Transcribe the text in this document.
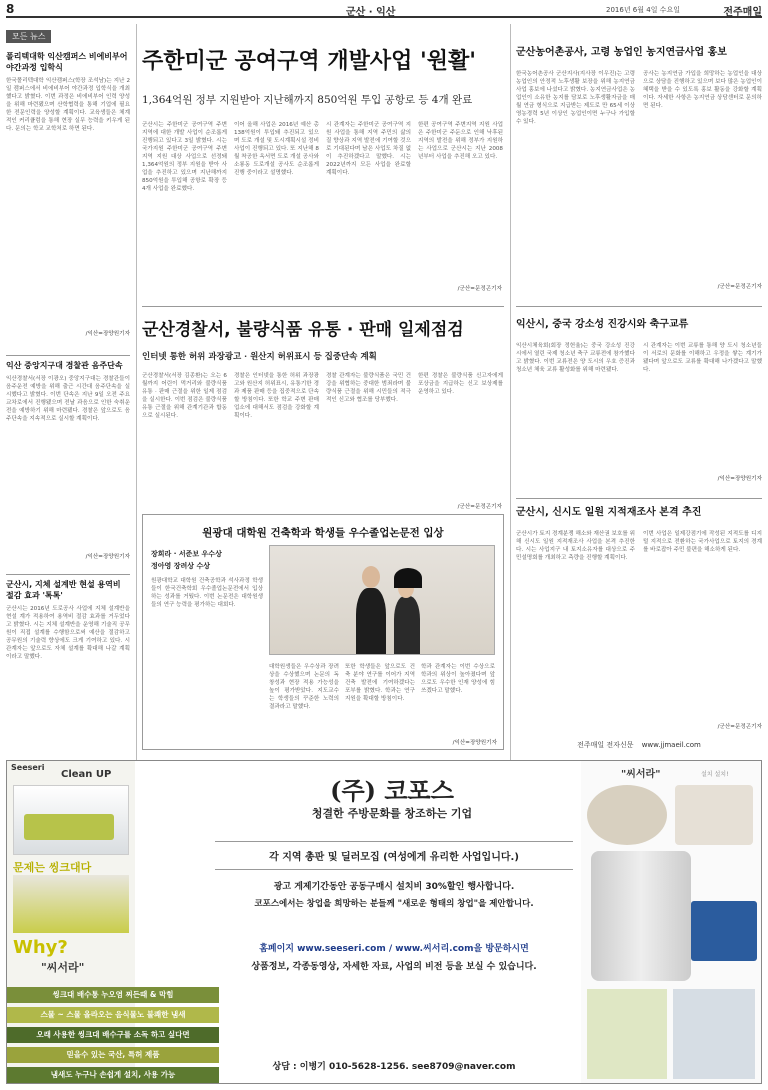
8	군산 · 익산	2016년 6월 4일 수요일	전주매일
모든 뉴스
폴리텍대학 익산캠퍼스 비에비부어 야간과정 입학식
한국폴리텍대학 익산캠퍼스(학장 조석남)는 지난 2일 캠퍼스에서 비에비부어 야간과정 입학식을 개최했다고 밝혔다. 이번 과정은 비에비부어 인력 양성을 위해 마련됐으며 산학협력을 통해 기업에 필요한 전문인력을 양성할 계획이다. 교육생들은 체계적인 커리큘럼을 통해 현장 실무 능력을 키우게 된다. 문의는 학교 교학처로 하면 된다.
/익산=장양원기자
익산 중앙지구대 경찰관 음주단속
익산경찰서(서장 이광오) 중앙지구대는 경찰관들이 음주운전 예방을 위해 출근 시간대 음주단속을 실시했다고 밝혔다. 이번 단속은 지난 9일 오전 주요 교차로에서 진행됐으며 전날 과음으로 인한 숙취운전을 예방하기 위해 마련됐다. 경찰은 앞으로도 음주단속을 지속적으로 실시할 계획이다.
/익산=장양원기자
군산시, 지체 설계반 현설 용역비 절감 효과 '톡톡'
군산시는 2016년 도로공사 사업에 지체 설계반을 현설 계가 적용하여 용역비 절감 효과를 거두었다고 밝혔다. 시는 지체 설계반을 운영해 기술직 공무원이 직접 설계를 수행함으로써 예산을 절감하고 공무원의 기술력 향상에도 크게 기여하고 있다. 시 관계자는 앞으로도 자체 설계를 확대해 나갈 계획이라고 말했다.
주한미군 공여구역 개발사업 '원활'
1,364억원 정부 지원받아 지난해까지 850억원 투입 공항로 등 4개 완료
군산시는 주한미군 공여구역 주변지역에 대한 개발 사업이 순조롭게 진행되고 있다고 3일 밝혔다. 시는 국가지원 주한미군 공여구역 주변지역 지원 대상 사업으로 선정돼 1,364억원의 정부 지원을 받아 사업을 추진하고 있으며 지난해까지 850억원을 투입해 공항로 확장 등 4개 사업을 완료했다.
이어 올해 사업은 2016년 예산 총 138억원이 투입돼 추진되고 있으며 도로 개설 및 도시계획시설 정비 사업이 진행되고 있다. 또 지난해 8월 착공한 옥서면 도로 개설 공사와 소룡동 도로개설 공사도 순조롭게 진행 중이라고 설명했다.
시 관계자는 주한미군 공여구역 지원 사업을 통해 지역 주민의 삶의 질 향상과 지역 발전에 기여할 것으로 기대된다며 남은 사업도 차질 없이 추진하겠다고 말했다. 시는 2022년까지 모든 사업을 완료할 계획이다.
한편 공여구역 주변지역 지원 사업은 주한미군 주둔으로 인해 낙후된 지역의 발전을 위해 정부가 지원하는 사업으로 군산시는 지난 2008년부터 사업을 추진해 오고 있다.
/군산=문정곤기자
군산농어촌공사, 고령 농업인 농지연금사업 홍보
한국농어촌공사 군산지사(지사장 이우진)는 고령 농업인의 안정적 노후생활 보장을 위해 농지연금사업 홍보에 나섰다고 밝혔다. 농지연금사업은 농업인이 소유한 농지를 담보로 노후생활자금을 매월 연금 형식으로 지급받는 제도로 만 65세 이상 영농경력 5년 이상인 농업인이면 누구나 가입할 수 있다.
공사는 농지연금 가입을 희망하는 농업인을 대상으로 상담을 진행하고 있으며 보다 많은 농업인이 혜택을 받을 수 있도록 홍보 활동을 강화할 계획이다. 자세한 사항은 농지연금 상담센터로 문의하면 된다.
/군산=문정곤기자
군산경찰서, 불량식품 유통 · 판매 일제점검
인터넷 통한 허위 과장광고 · 원산지 허위표시 등 집중단속 계획
군산경찰서(서장 김종환)는 오는 6월까지 어린이 먹거리와 불량식품 유통 · 판매 근절을 위한 일제 점검을 실시한다. 이번 점검은 불량식품 유통 근절을 위해 관계기관과 합동으로 실시된다.
경찰은 인터넷을 통한 허위 과장광고와 원산지 허위표시, 유통기한 경과 제품 판매 등을 집중적으로 단속할 방침이다. 또한 학교 주변 판매업소에 대해서도 점검을 강화할 계획이다.
경찰 관계자는 불량식품은 국민 건강을 위협하는 중대한 범죄라며 불량식품 근절을 위해 시민들의 적극적인 신고와 협조를 당부했다.
한편 경찰은 불량식품 신고자에게 포상금을 지급하는 신고 보상제를 운영하고 있다.
/군산=문정곤기자
익산시, 중국 강소성 진강시와 축구교류
익산시체육회(회장 정헌율)는 중국 강소성 진강시에서 열린 국제 청소년 축구 교류전에 참가했다고 밝혔다. 이번 교류전은 양 도시의 우호 증진과 청소년 체육 교류 활성화를 위해 마련됐다.
시 관계자는 이번 교류를 통해 양 도시 청소년들이 서로의 문화를 이해하고 우정을 쌓는 계기가 됐다며 앞으로도 교류를 확대해 나가겠다고 말했다.
/익산=장양원기자
군산시, 신시도 일원 지적재조사 본격 추진
군산시가 토지 경계분쟁 해소와 재산권 보호를 위해 신시도 일원 지적재조사 사업을 본격 추진한다. 시는 사업지구 내 토지소유자를 대상으로 주민설명회를 개최하고 측량을 진행할 계획이다.
이번 사업은 일제강점기에 작성된 지적도를 디지털 지적으로 전환하는 국가사업으로 토지의 경계를 바로잡아 주민 불편을 해소하게 된다.
/군산=문정곤기자
원광대 대학원 건축학과 학생들 우수졸업논문전 입상
장희라 · 서준보 우수상
정아영 장려상 수상
원광대학교 대학원 건축공학과 석사과정 학생들이 한국건축학회 우수졸업논문전에서 입상하는 성과를 거뒀다. 이번 논문전은 대학원생들의 연구 능력을 평가하는 대회다.
대학원생들은 우수상과 장려상을 수상했으며 논문의 독창성과 현장 적용 가능성을 높이 평가받았다. 지도교수는 학생들의 꾸준한 노력의 결과라고 말했다.
또한 학생들은 앞으로도 건축 분야 연구를 이어가 지역 건축 발전에 기여하겠다는 포부를 밝혔다. 학과는 연구 지원을 확대할 방침이다.
학과 관계자는 이번 수상으로 학과의 위상이 높아졌다며 앞으로도 우수한 인재 양성에 힘쓰겠다고 말했다.
/익산=장양원기자	전주매일 전자신문 www.jjmaeil.com
Seeseri
Clean UP
문제는 씽크대다
Why?
"씨서라"
씽크대 배수통 누오염 찌든때 & 막힘
스물 ~ 스물 올라오는 음식물노 불쾌한 냄새
오래 사용한 씽크대 배수구를 소독 하고 싶다면
믿을수 있는 국산, 특허 제품
냄새도 누구나 손쉽게 설치, 사용 가능
(주) 코포스
청결한 주방문화를 창조하는 기업
각 지역 총판 및 딜러모집 (여성에게 유리한 사업입니다.)
광고 게제기간동안 공동구매시 설치비 30%할인 행사합니다.
코포스에서는 창업을 희망하는 분들께 "새로운 형태의 창업"을 제안합니다.
홈페이지 www.seeseri.com / www.씨서리.com을 방문하시면
상품정보, 각종동영상, 자세한 자료, 사업의 비전 등을 보실 수 있습니다.
상담 : 이병기 010-5628-1256. see8709@naver.com
"씨서라"	설치 설치!
